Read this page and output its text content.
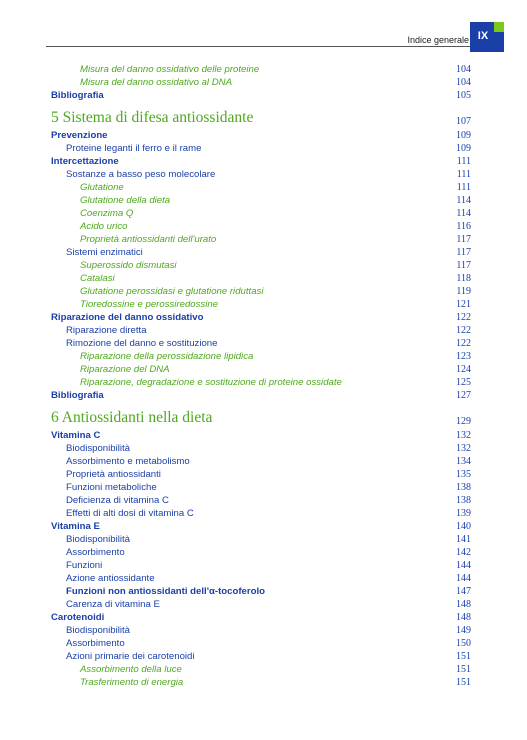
Indice generale IX
Misura del danno ossidativo delle proteine	104
Misura del danno ossidativo al DNA	104
Bibliografia	105
5 Sistema di difesa antiossidante	107
Prevenzione	109
Proteine leganti il ferro e il rame	109
Intercettazione	111
Sostanze a basso peso molecolare	111
Glutatione	111
Glutatione della dieta	114
Coenzima Q	114
Acido urico	116
Proprietà antiossidanti dell'urato	117
Sistemi enzimatici	117
Superossido dismutasi	117
Catalasi	118
Glutatione perossidasi e glutatione riduttasi	119
Tioredossine e perossiredossine	121
Riparazione del danno ossidativo	122
Riparazione diretta	122
Rimozione del danno e sostituzione	122
Riparazione della perossidazione lipidica	123
Riparazione del DNA	124
Riparazione, degradazione e sostituzione di proteine ossidate	125
Bibliografia	127
6 Antiossidanti nella dieta	129
Vitamina C	132
Biodisponibilità	132
Assorbimento e metabolismo	134
Proprietà antiossidanti	135
Funzioni metaboliche	138
Deficienza di vitamina C	138
Effetti di alti dosi di vitamina C	139
Vitamina E	140
Biodisponibilità	141
Assorbimento	142
Funzioni	144
Azione antiossidante	144
Funzioni non antiossidanti dell'α-tocoferolo	147
Carenza di vitamina E	148
Carotenoidi	148
Biodisponibilità	149
Assorbimento	150
Azioni primarie dei carotenoidi	151
Assorbimento della luce	151
Trasferimento di energia	151
